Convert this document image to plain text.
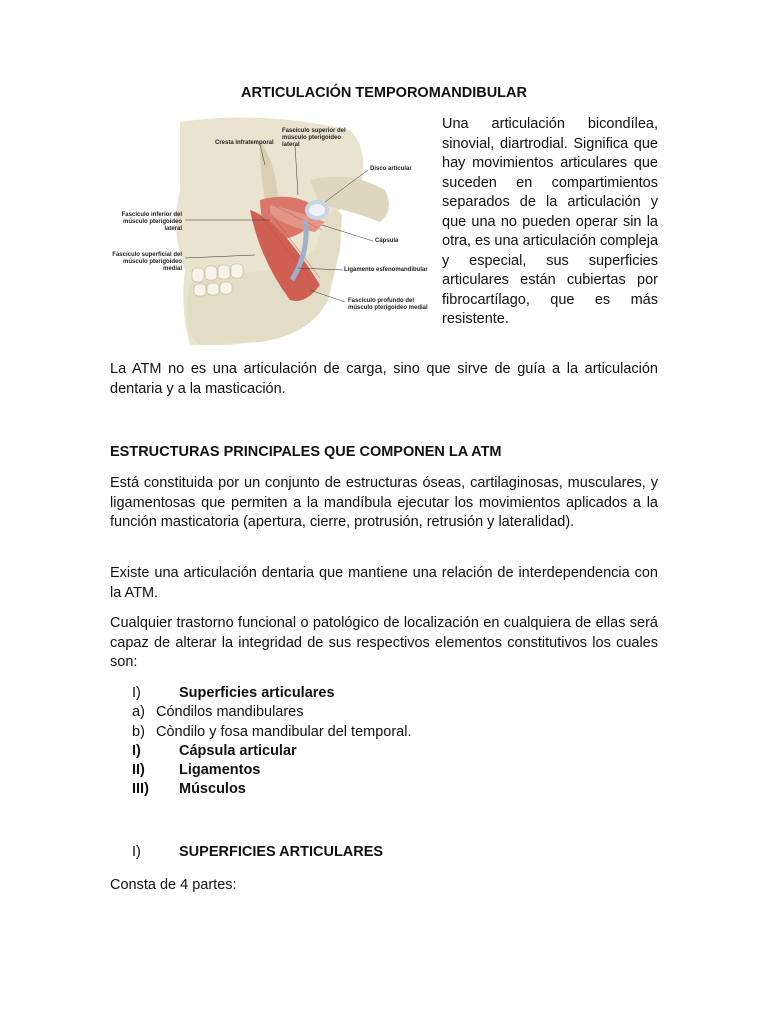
ARTICULACIÓN TEMPOROMANDIBULAR
Cresta infratemporal
Fascículo superior del músculo pterigoideo lateral
Disco articular
Fascículo inferior del músculo pterigoideo lateral
Cápsula
Fascículo superficial del músculo pterigoideo medial	Ligamento esfenomandibular
Fascículo profundo del músculo pterigoideo medial
Una articulación bicondílea, sinovial, diartrodial. Significa que hay movimientos articulares que suceden en compartimientos separados de la articulación y que una no pueden operar sin la otra, es una articulación compleja y especial, sus superficies articulares están cubiertas por fibrocartílago, que es más resistente.
La ATM no es una articulación de carga, sino que sirve de guía a la articulación dentaria y a la masticación.
ESTRUCTURAS PRINCIPALES QUE COMPONEN LA ATM
Está constituida por un conjunto de estructuras óseas, cartilaginosas, musculares, y ligamentosas que permiten a la mandíbula ejecutar los movimientos aplicados a la función masticatoria (apertura, cierre, protrusión, retrusión y lateralidad).
Existe una articulación dentaria que mantiene una relación de interdependencia con la ATM.
Cualquier trastorno funcional o patológico de localización en cualquiera de ellas será capaz de alterar la integridad de sus respectivos elementos constitutivos los cuales son:
I)	Superficies articulares
a) Cóndilos mandibulares
b) Còndilo y fosa mandibular del temporal.
I)	Cápsula articular
II) Ligamentos
III) Músculos
I)	SUPERFICIES ARTICULARES
Consta de 4 partes:
